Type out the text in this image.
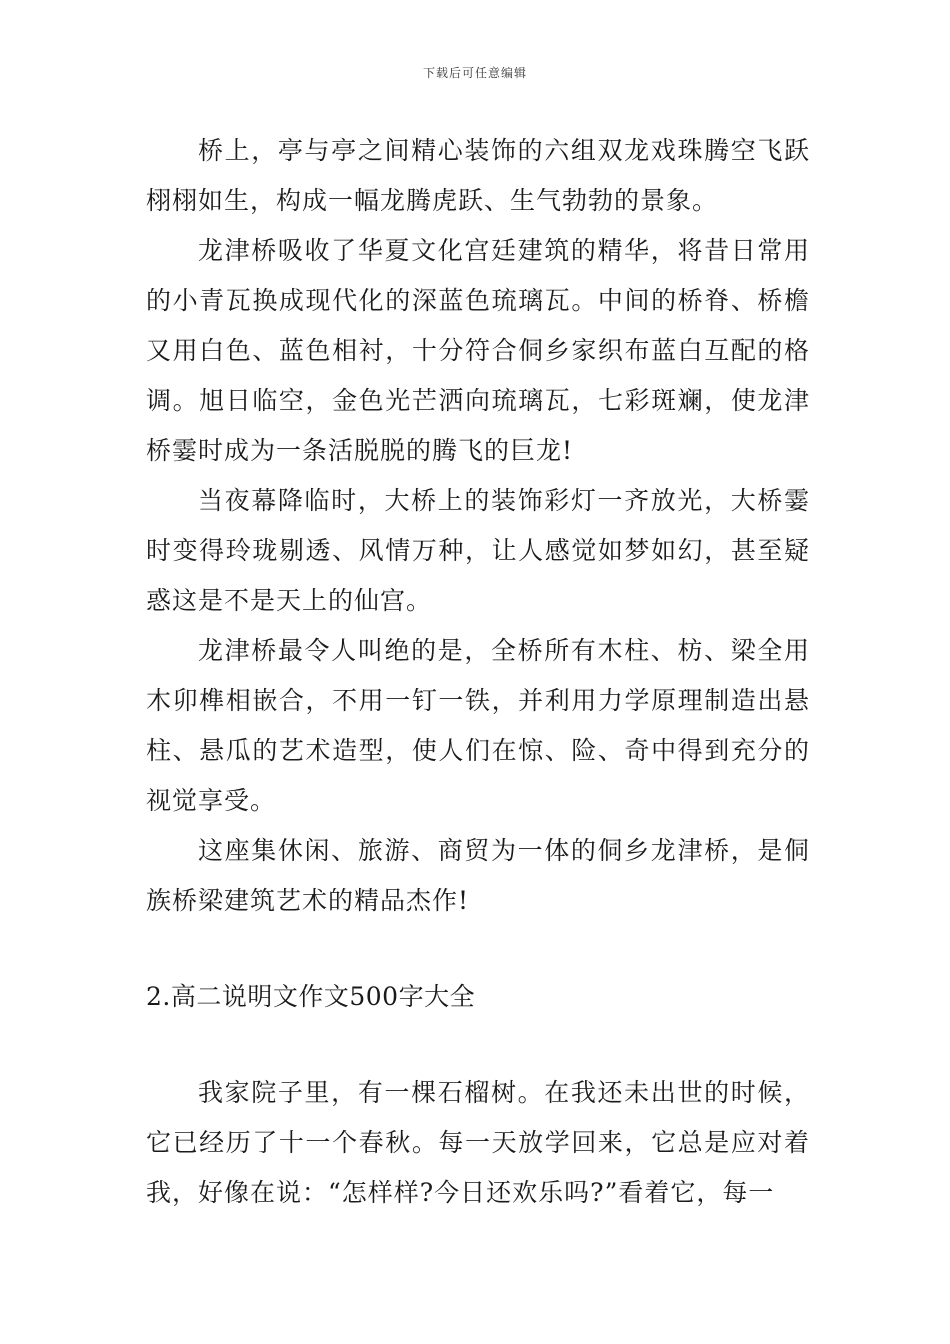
下载后可任意编辑

桥上，亭与亭之间精心装饰的六组双龙戏珠腾空飞跃栩栩如生，构成一幅龙腾虎跃、生气勃勃的景象。

龙津桥吸收了华夏文化宫廷建筑的精华，将昔日常用的小青瓦换成现代化的深蓝色琉璃瓦。中间的桥脊、桥檐又用白色、蓝色相衬，十分符合侗乡家织布蓝白互配的格调。旭日临空，金色光芒洒向琉璃瓦，七彩斑斓，使龙津桥霎时成为一条活脱脱的腾飞的巨龙!

当夜幕降临时，大桥上的装饰彩灯一齐放光，大桥霎时变得玲珑剔透、风情万种，让人感觉如梦如幻，甚至疑惑这是不是天上的仙宫。

龙津桥最令人叫绝的是，全桥所有木柱、枋、梁全用木卯榫相嵌合，不用一钉一铁，并利用力学原理制造出悬柱、悬瓜的艺术造型，使人们在惊、险、奇中得到充分的视觉享受。

这座集休闲、旅游、商贸为一体的侗乡龙津桥，是侗族桥梁建筑艺术的精品杰作!

2.高二说明文作文500字大全

我家院子里，有一棵石榴树。在我还未出世的时候，它已经历了十一个春秋。每一天放学回来，它总是应对着我，好像在说：“怎样样?今日还欢乐吗?”看着它，每一
